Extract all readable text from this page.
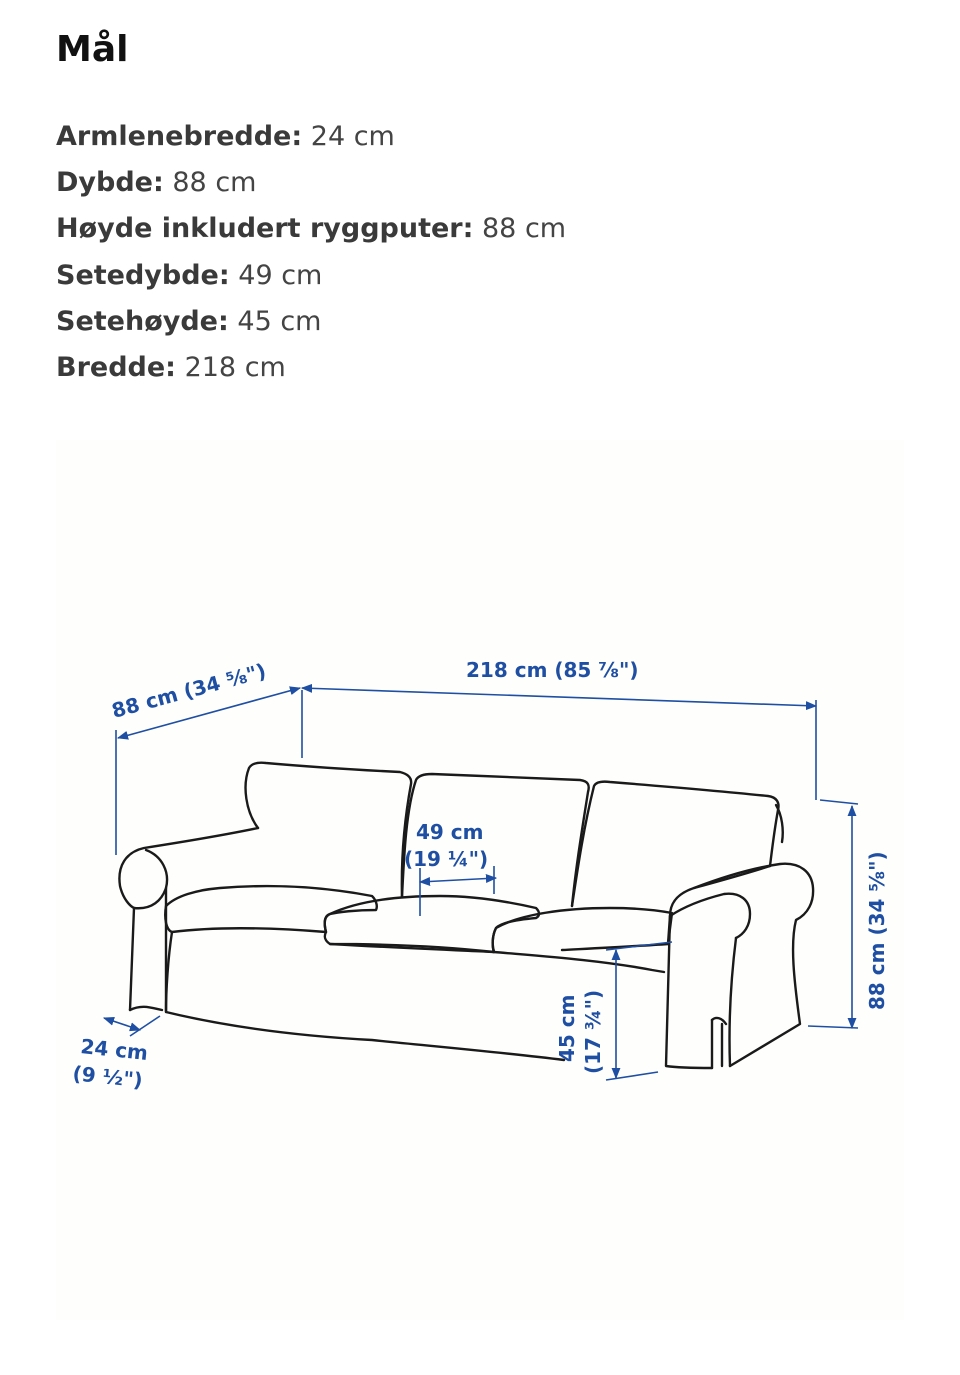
Mål
Armlenebredde: 24 cm
Dybde: 88 cm
Høyde inkludert ryggputer: 88 cm
Setedybde: 49 cm
Setehøyde: 45 cm
Bredde: 218 cm
88 cm (34 ⅝")	218 cm (85 ⅞")
49 cm
(19 ¼")	88 cm (34 ⅝")
45 cm (17 ¾")
24 cm
(9 ½")
